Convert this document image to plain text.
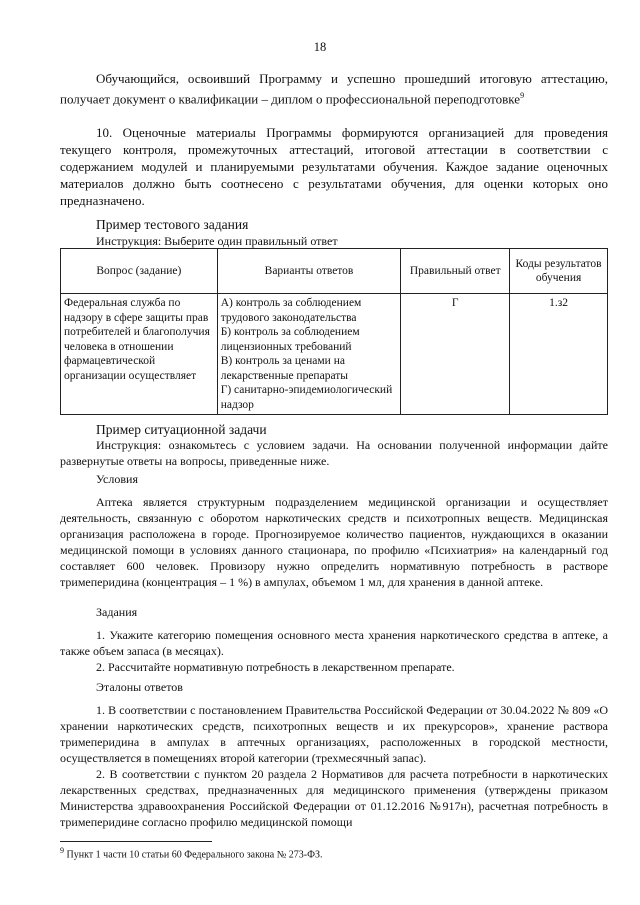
18
Обучающийся, освоивший Программу и успешно прошедший итоговую аттестацию, получает документ о квалификации – диплом о профессиональной переподготовке$^9$
10. Оценочные материалы Программы формируются организацией для проведения текущего контроля, промежуточных аттестаций, итоговой аттестации в соответствии с содержанием модулей и планируемыми результатами обучения. Каждое задание оценочных материалов должно быть соотнесено с результатами обучения, для оценки которых оно предназначено.
Пример тестового задания
Инструкция: Выберите один правильный ответ
Вопрос (задание)	Варианты ответов	Правильный ответ	Коды результатов обучения
Федеральная служба по надзору в сфере защиты прав потребителей и благополучия человека в отношении фармацевтической организации осуществляет	А) контроль за соблюдением трудового законодательства
Б) контроль за соблюдением лицензионных требований
В) контроль за ценами на лекарственные препараты
Г) санитарно-эпидемиологический надзор	Г	1.з2
Пример ситуационной задачи
Инструкция: ознакомьтесь с условием задачи. На основании полученной информации дайте развернутые ответы на вопросы, приведенные ниже.
Условия
Аптека является структурным подразделением медицинской организации и осуществляет деятельность, связанную с оборотом наркотических средств и психотропных веществ. Медицинская организация расположена в городе. Прогнозируемое количество пациентов, нуждающихся в оказании медицинской помощи в условиях данного стационара, по профилю «Психиатрия» на календарный год составляет 600 человек. Провизору нужно определить нормативную потребность в растворе тримеперидина (концентрация – 1 %) в ампулах, объемом 1 мл, для хранения в данной аптеке.
Задания
1. Укажите категорию помещения основного места хранения наркотического средства в аптеке, а также объем запаса (в месяцах).
2. Рассчитайте нормативную потребность в лекарственном препарате.
Эталоны ответов
1. В соответствии с постановлением Правительства Российской Федерации от 30.04.2022 № 809 «О хранении наркотических средств, психотропных веществ и их прекурсоров», хранение раствора тримеперидина в ампулах в аптечных организациях, расположенных в городской местности, осуществляется в помещениях второй категории (трехмесячный запас).
2. В соответствии с пунктом 20 раздела 2 Нормативов для расчета потребности в наркотических лекарственных средствах, предназначенных для медицинского применения (утверждены приказом Министерства здравоохранения Российской Федерации от 01.12.2016 №917н), расчетная потребность в тримеперидине согласно профилю медицинской помощи
$^9$ Пункт 1 части 10 статьи 60 Федерального закона № 273-ФЗ.
